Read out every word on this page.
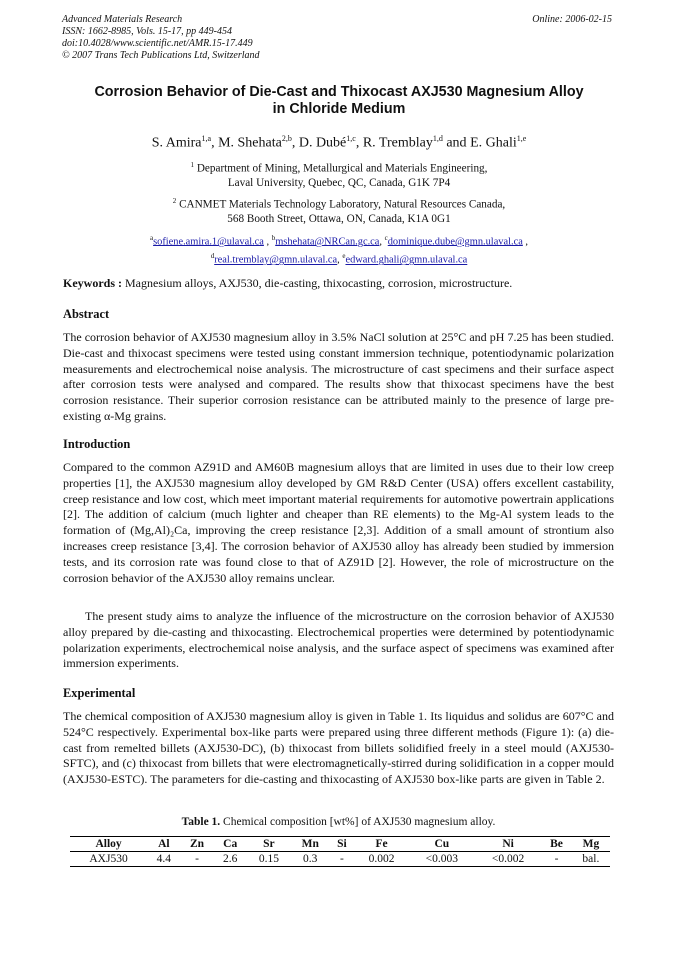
Advanced Materials Research
ISSN: 1662-8985, Vols. 15-17, pp 449-454
doi:10.4028/www.scientific.net/AMR.15-17.449
© 2007 Trans Tech Publications Ltd, Switzerland
Online: 2006-02-15
Corrosion Behavior of Die-Cast and Thixocast AXJ530 Magnesium Alloy
in Chloride Medium
S. Amira$^{1,a}$, M. Shehata$^{2,b}$, D. Dubé$^{1,c}$, R. Tremblay$^{1,d}$ and E. Ghali$^{1,e}$
$^1$ Department of Mining, Metallurgical and Materials Engineering,
Laval University, Quebec, QC, Canada, G1K 7P4
$^2$ CANMET Materials Technology Laboratory, Natural Resources Canada,
568 Booth Street, Ottawa, ON, Canada, K1A 0G1
$^a$sofiene.amira.1@ulaval.ca , $^b$mshehata@NRCan.gc.ca, $^c$dominique.dube@gmn.ulaval.ca ,
$^d$real.tremblay@gmn.ulaval.ca, $^e$edward.ghali@gmn.ulaval.ca
Keywords : Magnesium alloys, AXJ530, die-casting, thixocasting, corrosion, microstructure.
Abstract
The corrosion behavior of AXJ530 magnesium alloy in 3.5% NaCl solution at 25°C and pH 7.25 has been studied. Die-cast and thixocast specimens were tested using constant immersion technique, potentiodynamic polarization measurements and electrochemical noise analysis. The microstructure of cast specimens and their surface aspect after corrosion tests were analysed and compared. The results show that thixocast specimens have the best corrosion resistance. Their superior corrosion resistance can be attributed mainly to the presence of large pre-existing α-Mg grains.
Introduction
Compared to the common AZ91D and AM60B magnesium alloys that are limited in uses due to their low creep properties [1], the AXJ530 magnesium alloy developed by GM R&D Center (USA) offers excellent castability, creep resistance and low cost, which meet important material requirements for automotive powertrain applications [2]. The addition of calcium (much lighter and cheaper than RE elements) to the Mg-Al system leads to the formation of (Mg,Al)₂Ca, improving the creep resistance [2,3]. Addition of a small amount of strontium also increases creep resistance [3,4]. The corrosion behavior of AXJ530 alloy has already been studied by immersion tests, and its corrosion rate was found close to that of AZ91D [2]. However, the role of microstructure on the corrosion behavior of the AXJ530 alloy remains unclear.
The present study aims to analyze the influence of the microstructure on the corrosion behavior of AXJ530 alloy prepared by die-casting and thixocasting. Electrochemical properties were determined by potentiodynamic polarization experiments, electrochemical noise analysis, and the surface aspect of specimens was examined after immersion experiments.
Experimental
The chemical composition of AXJ530 magnesium alloy is given in Table 1. Its liquidus and solidus are 607°C and 524°C respectively. Experimental box-like parts were prepared using three different methods (Figure 1): (a) die-cast from remelted billets (AXJ530-DC), (b) thixocast from billets solidified freely in a steel mould (AXJ530-SFTC), and (c) thixocast from billets that were electromagnetically-stirred during solidification in a copper mould (AXJ530-ESTC). The parameters for die-casting and thixocasting of AXJ530 box-like parts are given in Table 2.
Table 1. Chemical composition [wt%] of AXJ530 magnesium alloy.
Alloy	Al	Zn	Ca	Sr	Mn	Si	Fe	Cu	Ni	Be	Mg
AXJ530	4.4	-	2.6	0.15	0.3	-	0.002	<0.003	<0.002	-	bal.
